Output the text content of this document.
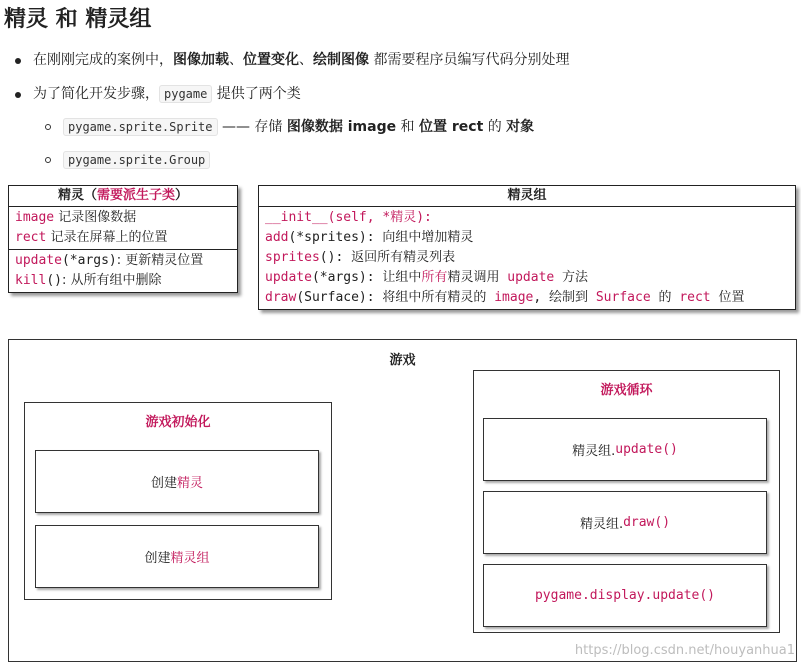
精灵 和 精灵组
在刚刚完成的案例中，图像加载、位置变化、绘制图像 都需要程序员编写代码分别处理
为了简化开发步骤， pygame 提供了两个类
pygame.sprite.Sprite —— 存储 图像数据 image 和 位置 rect 的 对象
pygame.sprite.Group
精灵（需要派生子类）
image 记录图像数据
rect 记录在屏幕上的位置
update(*args): 更新精灵位置
kill(): 从所有组中删除
精灵组
__init__(self, *精灵):
add(*sprites): 向组中增加精灵
sprites(): 返回所有精灵列表
update(*args): 让组中所有精灵调用 update 方法
draw(Surface): 将组中所有精灵的 image, 绘制到 Surface 的 rect 位置
游戏
游戏初始化
创建 精灵
创建 精灵组
游戏循环
精灵组. update()
精灵组. draw()
pygame.display.update()
https://blog.csdn.net/houyanhua1
